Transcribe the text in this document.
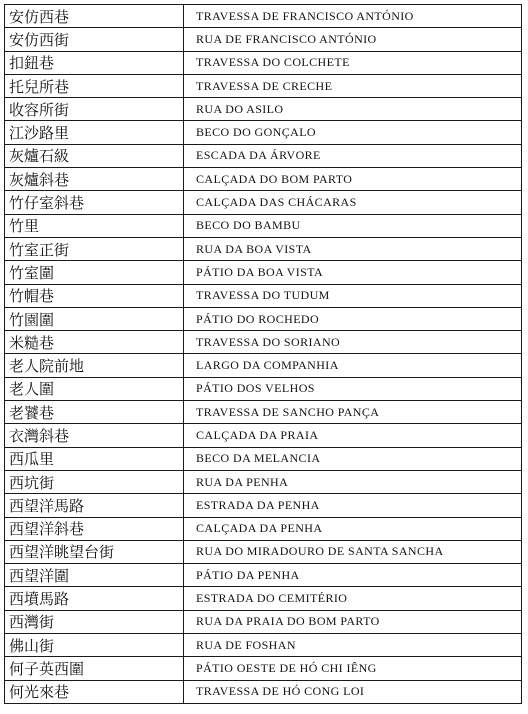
安仿西巷	TRAVESSA DE FRANCISCO ANTÓNIO
安仿西街	RUA DE FRANCISCO ANTÓNIO
扣鈕巷	TRAVESSA DO COLCHETE
托兒所巷	TRAVESSA DE CRECHE
收容所街	RUA DO ASILO
江沙路里	BECO DO GONÇALO
灰爐石級	ESCADA DA ÁRVORE
灰爐斜巷	CALÇADA DO BOM PARTO
竹仔室斜巷	CALÇADA DAS CHÁCARAS
竹里	BECO DO BAMBU
竹室正街	RUA DA BOA VISTA
竹室圍	PÁTIO DA BOA VISTA
竹帽巷	TRAVESSA DO TUDUM
竹園圍	PÁTIO DO ROCHEDO
米糙巷	TRAVESSA DO SORIANO
老人院前地	LARGO DA COMPANHIA
老人圍	PÁTIO DOS VELHOS
老饕巷	TRAVESSA DE SANCHO PANÇA
衣灣斜巷	CALÇADA DA PRAIA
西瓜里	BECO DA MELANCIA
西坑街	RUA DA PENHA
西望洋馬路	ESTRADA DA PENHA
西望洋斜巷	CALÇADA DA PENHA
西望洋眺望台街	RUA DO MIRADOURO DE SANTA SANCHA
西望洋圍	PÁTIO DA PENHA
西墳馬路	ESTRADA DO CEMITÉRIO
西灣街	RUA DA PRAIA DO BOM PARTO
佛山街	RUA DE FOSHAN
何子英西圍	PÁTIO OESTE DE HÓ CHI IÊNG
何光來巷	TRAVESSA DE HÓ CONG LOI
